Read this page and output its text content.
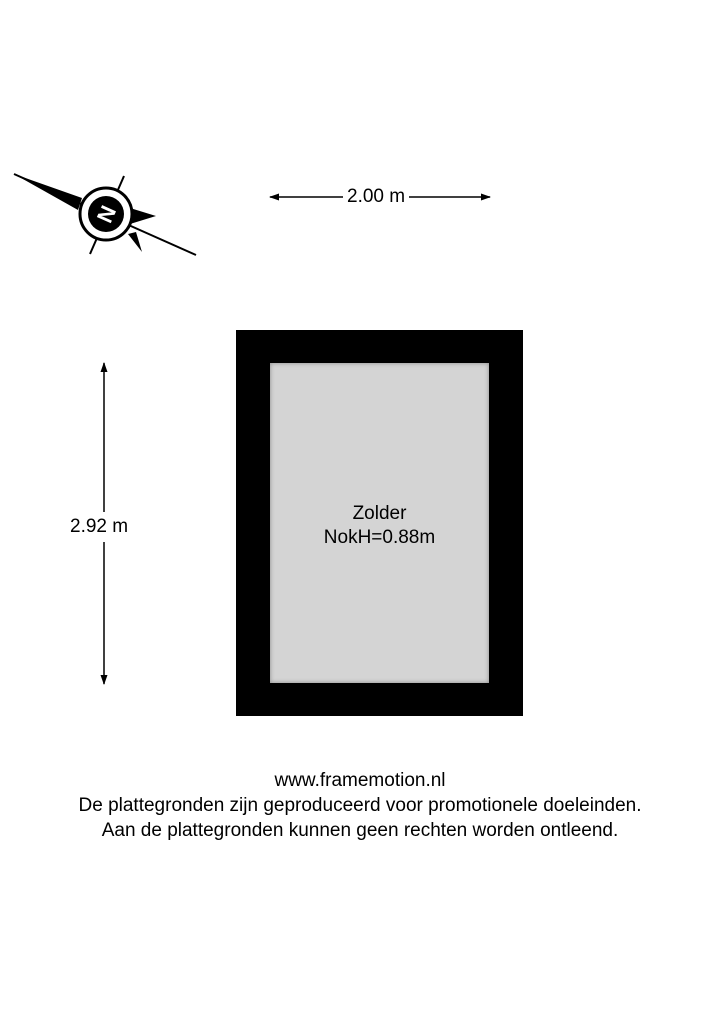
N
2.00 m
2.92 m
Zolder
NokH=0.88m
www.framemotion.nl
De plattegronden zijn geproduceerd voor promotionele doeleinden.
Aan de plattegronden kunnen geen rechten worden ontleend.
